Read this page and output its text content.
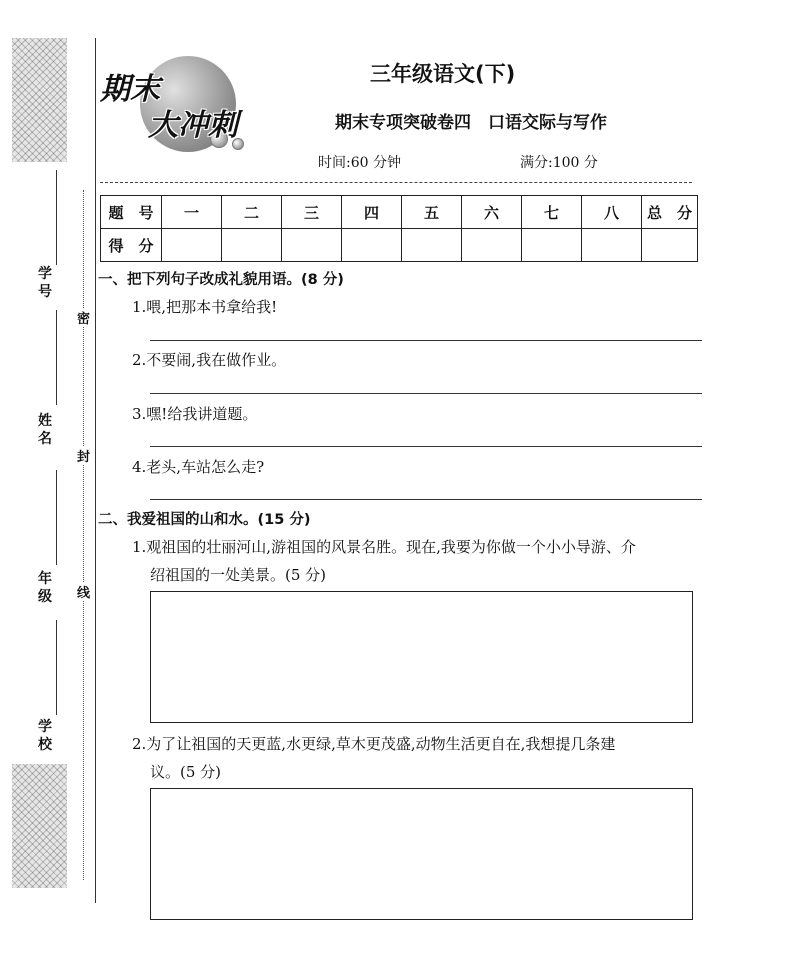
学号
姓名
年级
学校
密
封
线
期末
大冲刺
三年级语文(下)
期末专项突破卷四　口语交际与写作
时间:60 分钟	满分:100 分
题　号	一	二	三	四	五	六	七	八	总　分
得　分									
一、把下列句子改成礼貌用语。(8 分)
1.喂,把那本书拿给我!
2.不要闹,我在做作业。
3.嘿!给我讲道题。
4.老头,车站怎么走?
二、我爱祖国的山和水。(15 分)
1.观祖国的壮丽河山,游祖国的风景名胜。现在,我要为你做一个小小导游、介
绍祖国的一处美景。(5 分)
2.为了让祖国的天更蓝,水更绿,草木更茂盛,动物生活更自在,我想提几条建
议。(5 分)
